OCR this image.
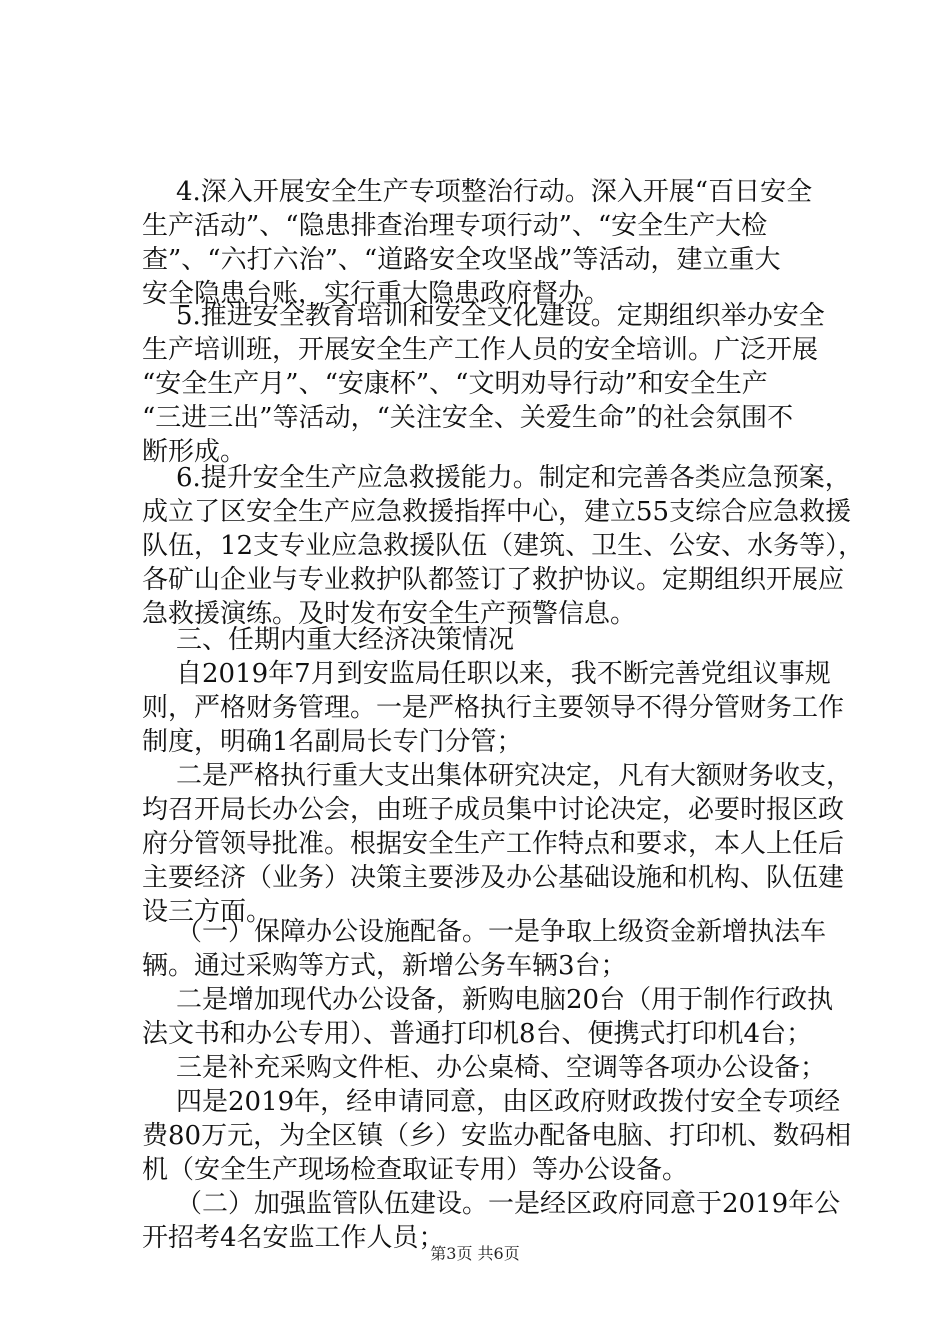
4.深入开展安全生产专项整治行动。深入开展“百日安全
生产活动”、“隐患排查治理专项行动”、“安全生产大检
查”、“六打六治”、“道路安全攻坚战”等活动，建立重大
安全隐患台账，实行重大隐患政府督办。
5.推进安全教育培训和安全文化建设。定期组织举办安全
生产培训班，开展安全生产工作人员的安全培训。广泛开展
“安全生产月”、“安康杯”、“文明劝导行动”和安全生产
“三进三出”等活动，“关注安全、关爱生命”的社会氛围不
断形成。
6.提升安全生产应急救援能力。制定和完善各类应急预案，
成立了区安全生产应急救援指挥中心，建立55支综合应急救援
队伍，12支专业应急救援队伍（建筑、卫生、公安、水务等），
各矿山企业与专业救护队都签订了救护协议。定期组织开展应
急救援演练。及时发布安全生产预警信息。
三、任期内重大经济决策情况
自2019年7月到安监局任职以来，我不断完善党组议事规
则，严格财务管理。一是严格执行主要领导不得分管财务工作
制度，明确1名副局长专门分管；
二是严格执行重大支出集体研究决定，凡有大额财务收支，
均召开局长办公会，由班子成员集中讨论决定，必要时报区政
府分管领导批准。根据安全生产工作特点和要求，本人上任后
主要经济（业务）决策主要涉及办公基础设施和机构、队伍建
设三方面。
（一）保障办公设施配备。一是争取上级资金新增执法车
辆。通过采购等方式，新增公务车辆3台；
二是增加现代办公设备，新购电脑20台（用于制作行政执
法文书和办公专用）、普通打印机8台、便携式打印机4台；
三是补充采购文件柜、办公桌椅、空调等各项办公设备；
四是2019年，经申请同意，由区政府财政拨付安全专项经
费80万元，为全区镇（乡）安监办配备电脑、打印机、数码相
机（安全生产现场检查取证专用）等办公设备。
（二）加强监管队伍建设。一是经区政府同意于2019年公
开招考4名安监工作人员；
第3页 共6页
